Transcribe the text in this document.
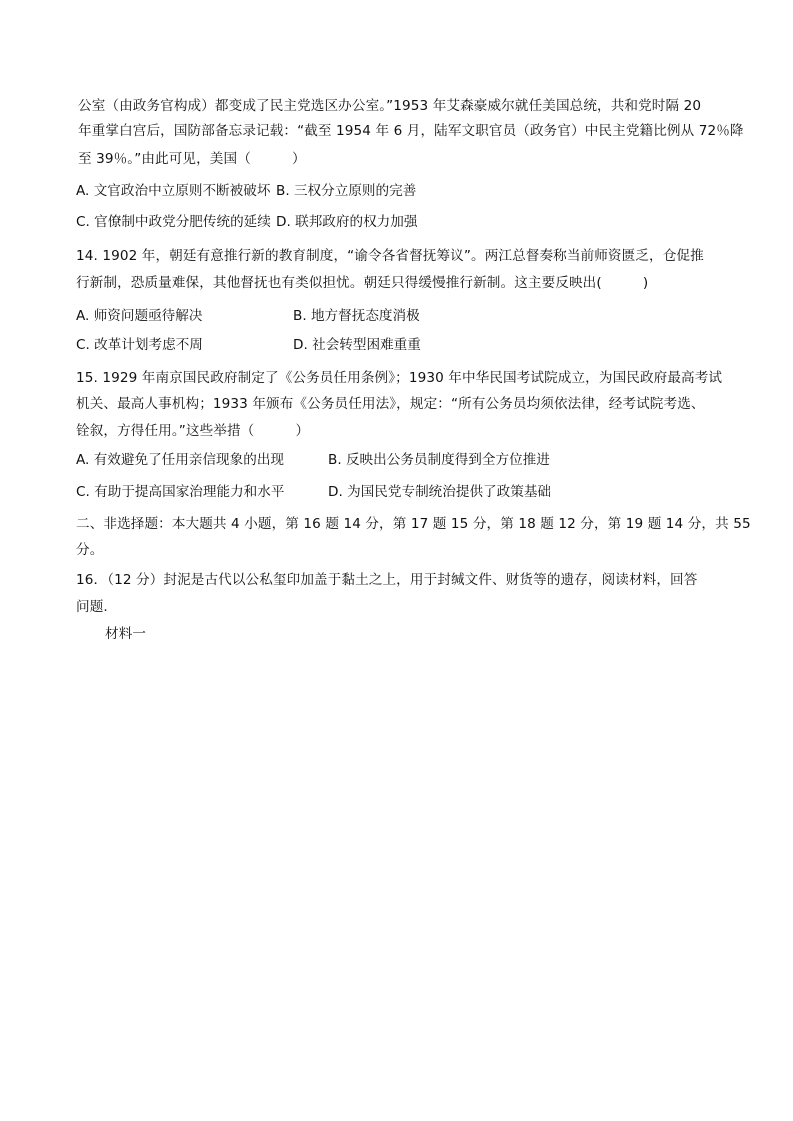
公室（由政务官构成）都变成了民主党选区办公室。”1953 年艾森豪威尔就任美国总统，共和党时隔 20
年重掌白宫后，国防部备忘录记载：“截至 1954 年 6 月，陆军文职官员（政务官）中民主党籍比例从 72％降
至 39％。”由此可见，美国（　　　）
A. 文官政治中立原则不断被破坏 B. 三权分立原则的完善
C. 官僚制中政党分肥传统的延续 D. 联邦政府的权力加强
14. 1902 年，朝廷有意推行新的教育制度，“谕令各省督抚筹议”。两江总督奏称当前师资匮乏，仓促推
行新制，恐质量难保，其他督抚也有类似担忧。朝廷只得缓慢推行新制。这主要反映出(　　　)
A. 师资问题亟待解决	B. 地方督抚态度消极
C. 改革计划考虑不周	D. 社会转型困难重重
15. 1929 年南京国民政府制定了《公务员任用条例》；1930 年中华民国考试院成立，为国民政府最高考试
机关、最高人事机构；1933 年颁布《公务员任用法》，规定：“所有公务员均须依法律，经考试院考选、
铨叙，方得任用。”这些举措（　　　）
A. 有效避免了任用亲信现象的出现	B. 反映出公务员制度得到全方位推进
C. 有助于提高国家治理能力和水平	D. 为国民党专制统治提供了政策基础
二、非选择题：本大题共 4 小题，第 16 题 14 分，第 17 题 15 分，第 18 题 12 分，第 19 题 14 分，共 55
分。
16．（12 分）封泥是古代以公私玺印加盖于黏土之上，用于封缄文件、财货等的遗存，阅读材料，回答
问题.
材料一
